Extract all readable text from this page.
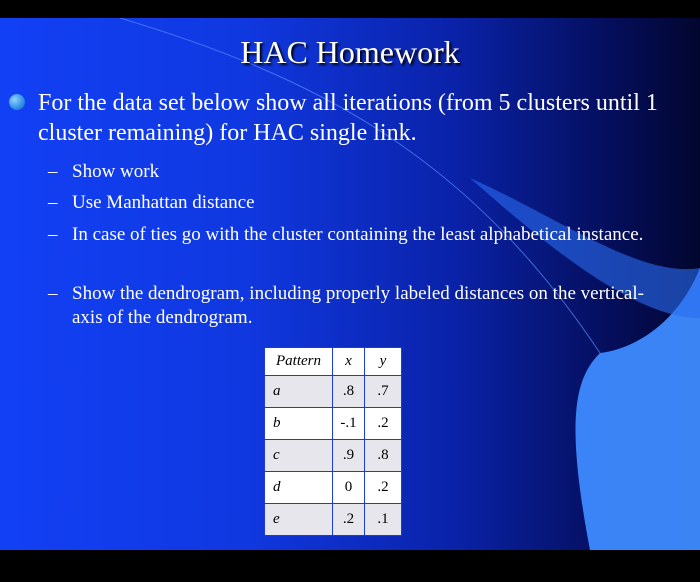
HAC Homework
For the data set below show all iterations (from 5 clusters until 1 cluster remaining) for HAC single link.
– Show work
– Use Manhattan distance
– In case of ties go with the cluster containing the least alphabetical instance.
– Show the dendrogram, including properly labeled distances on the vertical-axis of the dendrogram.
Pattern	x	y
a	.8	.7
b	-.1	.2
c	.9	.8
d	0	.2
e	.2	.1
